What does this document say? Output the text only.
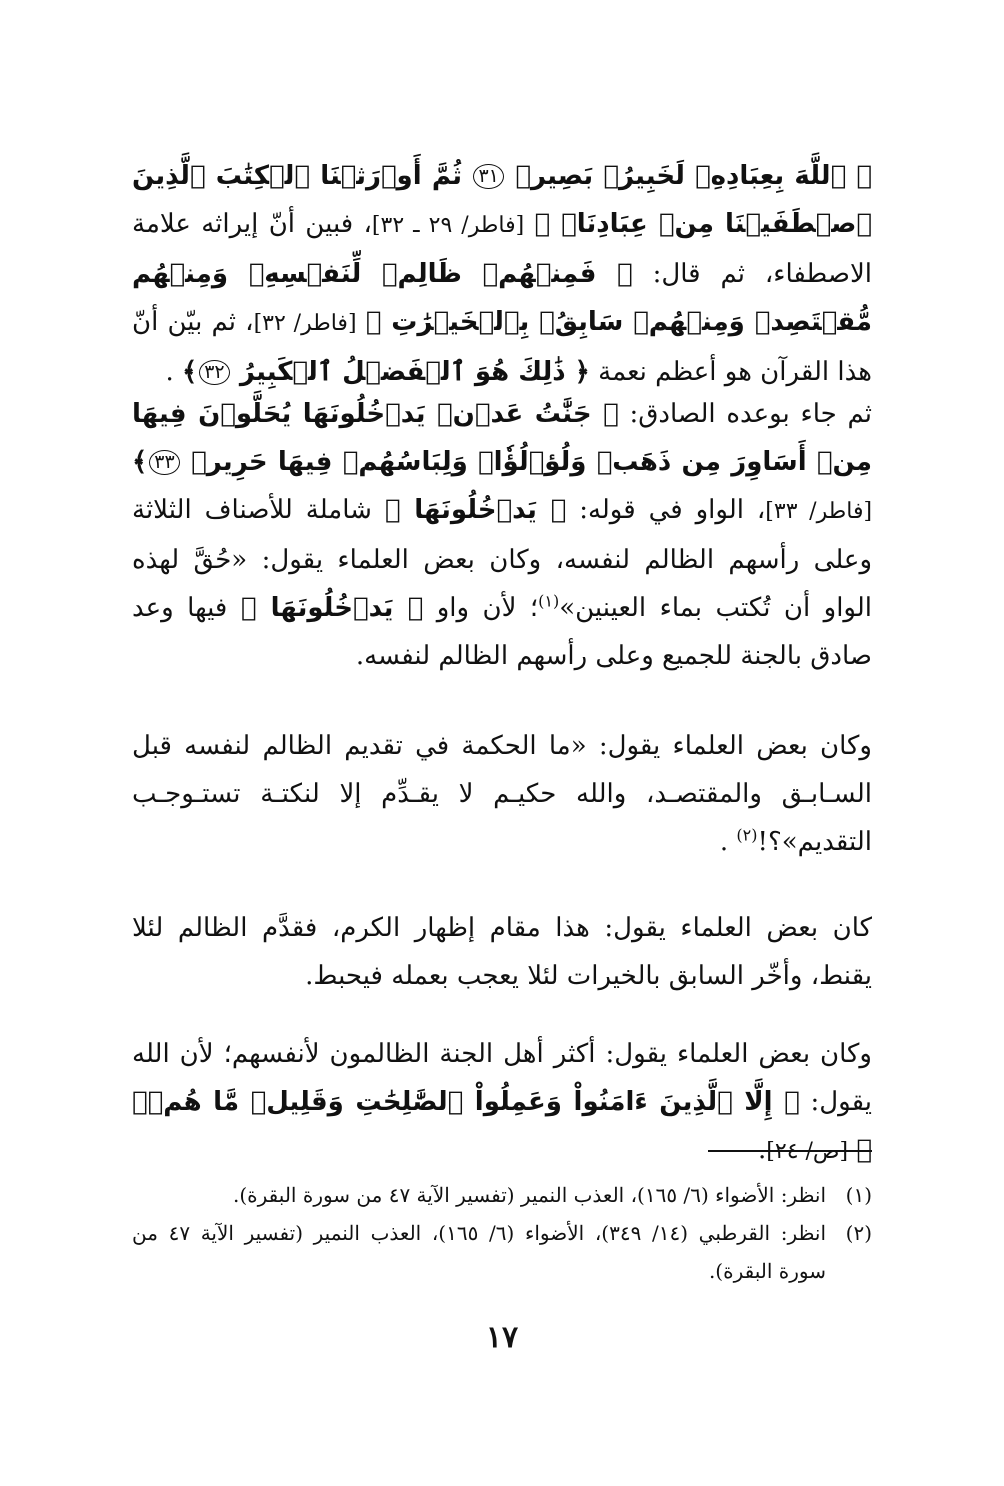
﴿ ٱللَّهَ بِعِبَادِهِۦ لَخَبِيرُۢ بَصِيرٞ ٣١ ثُمَّ أَوۡرَثۡنَا ٱلۡكِتَٰبَ ٱلَّذِينَ ٱصۡطَفَيۡنَا مِنۡ عِبَادِنَاۖ ﴾ [فاطر/ ٢٩ ـ ٣٢]، فبين أنّ إيراثه علامة الاصطفاء، ثم قال: ﴿ فَمِنۡهُمۡ ظَالِمٞ لِّنَفۡسِهِۦ وَمِنۡهُم مُّقۡتَصِدٞ وَمِنۡهُمۡ سَابِقُۢ بِٱلۡخَيۡرَٰتِ ﴾ [فاطر/ ٣٢]، ثم بيّن أنّ هذا القرآن هو أعظم نعمة ﴿ ذَٰلِكَ هُوَ ٱلۡفَضۡلُ ٱلۡكَبِيرُ ٣٢﴾ .

ثم جاء بوعده الصادق: ﴿ جَنَّٰتُ عَدۡنٖ يَدۡخُلُونَهَا يُحَلَّوۡنَ فِيهَا مِنۡ أَسَاوِرَ مِن ذَهَبٖ وَلُؤۡلُؤٗاۖ وَلِبَاسُهُمۡ فِيهَا حَرِيرٞ ٣٣﴾ [فاطر/ ٣٣]، الواو في قوله: ﴿ يَدۡخُلُونَهَا ﴾ شاملة للأصناف الثلاثة وعلى رأسهم الظالم لنفسه، وكان بعض العلماء يقول: «حُقَّ لهذه الواو أن تُكتب بماء العينين»$^{(١)}$؛ لأن واو ﴿ يَدۡخُلُونَهَا ﴾ فيها وعد صادق بالجنة للجميع وعلى رأسهم الظالم لنفسه.

وكان بعض العلماء يقول: «ما الحكمة في تقديم الظالم لنفسه قبل السـابـق والمقتصـد، والله حكيـم لا يقـدِّم إلا لنكتـة تستـوجـب التقديم»؟!$^{(٢)}$ .

كان بعض العلماء يقول: هذا مقام إظهار الكرم، فقدَّم الظالم لئلا يقنط، وأخّر السابق بالخيرات لئلا يعجب بعمله فيحبط.

وكان بعض العلماء يقول: أكثر أهل الجنة الظالمون لأنفسهم؛ لأن الله يقول: ﴿ إِلَّا ٱلَّذِينَ ءَامَنُواْ وَعَمِلُواْ ٱلصَّٰلِحَٰتِ وَقَلِيلٞ مَّا هُمۡۗ ﴾ [ص/ ٢٤].

(١)
انظر: الأضواء (٦/ ١٦٥)، العذب النمير (تفسير الآية ٤٧ من سورة البقرة).
(٢)
انظر: القرطبي (١٤/ ٣٤٩)، الأضواء (٦/ ١٦٥)، العذب النمير (تفسير الآية ٤٧ من سورة البقرة).
١٧
